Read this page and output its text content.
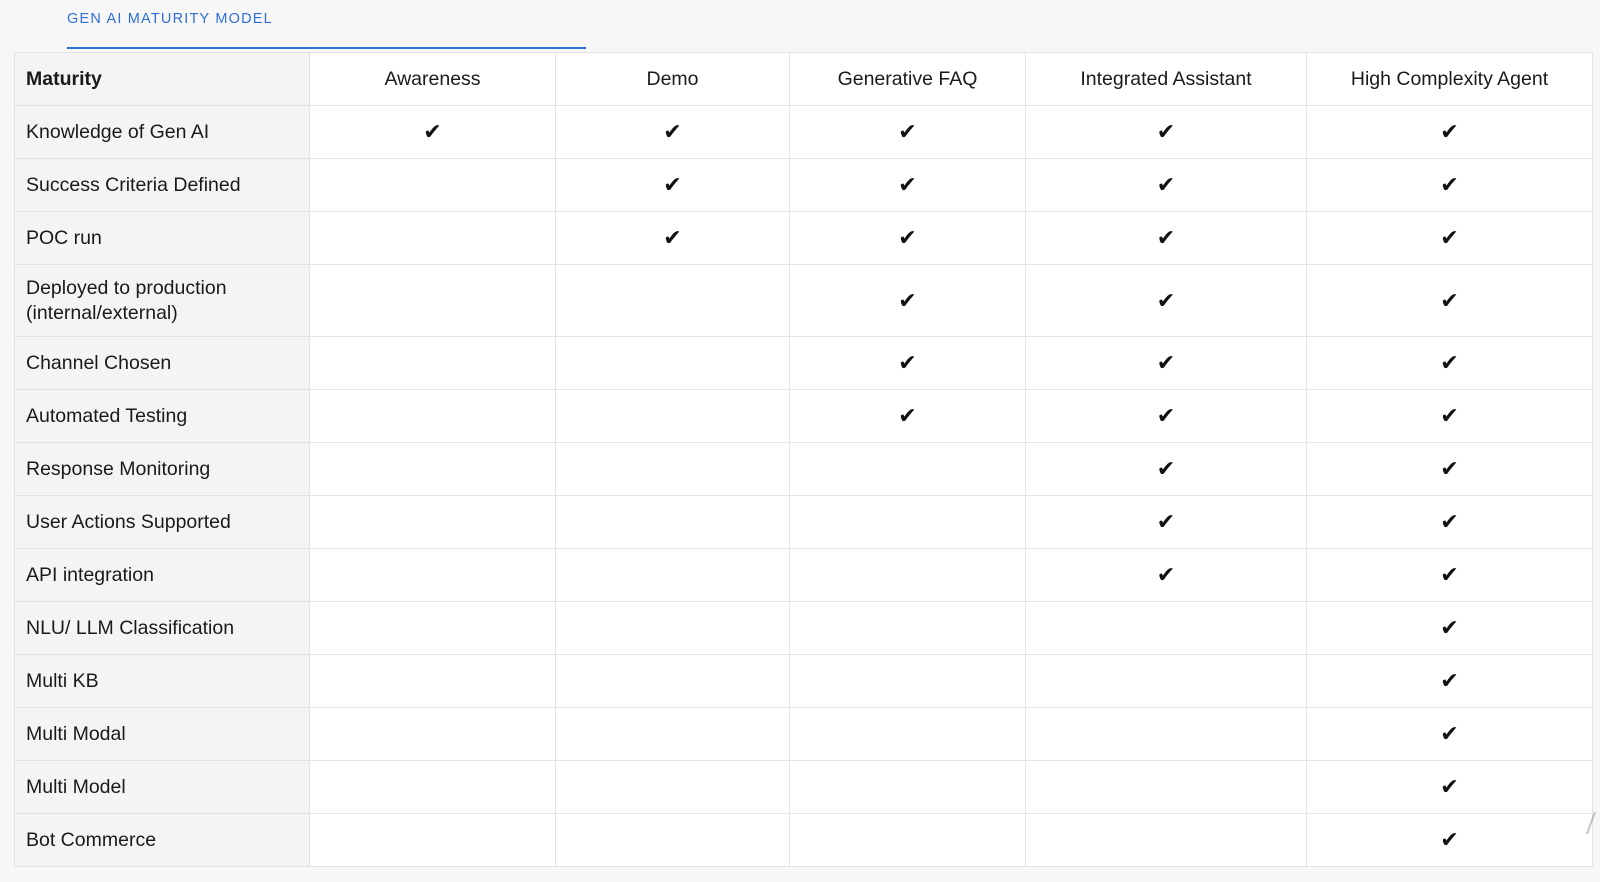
GEN AI MATURITY MODEL
Maturity	Awareness	Demo	Generative FAQ	Integrated Assistant	High Complexity Agent
Knowledge of Gen AI	✔	✔	✔	✔	✔
Success Criteria Defined		✔	✔	✔	✔
POC run		✔	✔	✔	✔
Deployed to production (internal/external)			✔	✔	✔
Channel Chosen			✔	✔	✔
Automated Testing			✔	✔	✔
Response Monitoring				✔	✔
User Actions Supported				✔	✔
API integration				✔	✔
NLU/ LLM Classification					✔
Multi KB					✔
Multi Modal					✔
Multi Model					✔
Bot Commerce					✔
